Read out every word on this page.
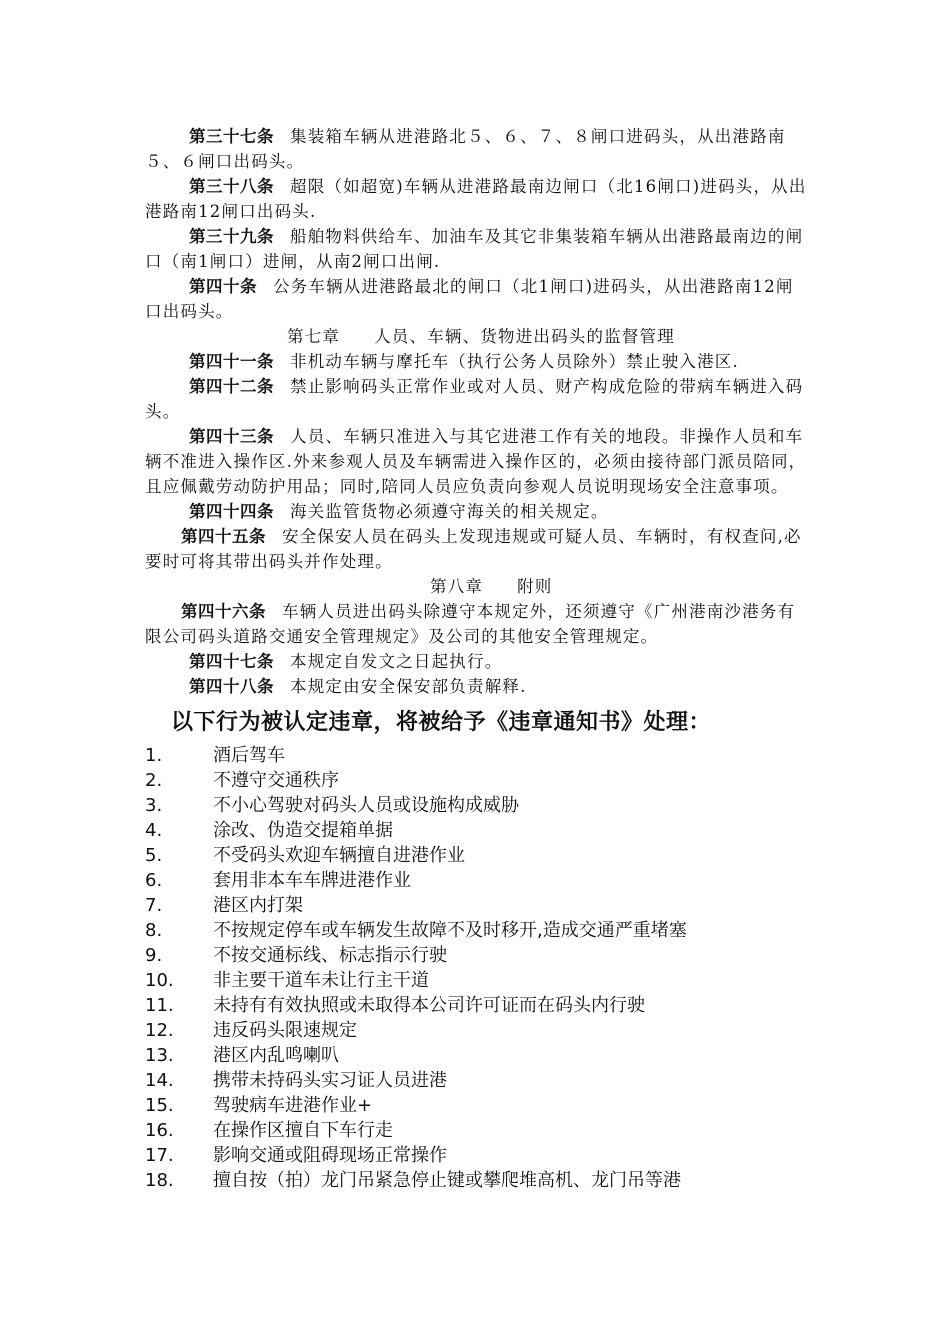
第三十七条 集装箱车辆从进港路北５、６、７、８闸口进码头，从出港路南５、６闸口出码头。

第三十八条 超限（如超宽)车辆从进港路最南边闸口（北16闸口)进码头，从出港路南12闸口出码头.

第三十九条 船舶物料供给车、加油车及其它非集装箱车辆从出港路最南边的闸口（南1闸口）进闸，从南2闸口出闸.

第四十条 公务车辆从进港路最北的闸口（北1闸口)进码头，从出港路南12闸口出码头。

第七章 人员、车辆、货物进出码头的监督管理

第四十一条 非机动车辆与摩托车（执行公务人员除外）禁止驶入港区.

第四十二条 禁止影响码头正常作业或对人员、财产构成危险的带病车辆进入码头。

第四十三条 人员、车辆只准进入与其它进港工作有关的地段。非操作人员和车辆不准进入操作区.外来参观人员及车辆需进入操作区的，必须由接待部门派员陪同，且应佩戴劳动防护用品；同时,陪同人员应负责向参观人员说明现场安全注意事项。

第四十四条 海关监管货物必须遵守海关的相关规定。

第四十五条 安全保安人员在码头上发现违规或可疑人员、车辆时，有权查问,必要时可将其带出码头并作处理。

第八章 附则

第四十六条 车辆人员进出码头除遵守本规定外，还须遵守《广州港南沙港务有限公司码头道路交通安全管理规定》及公司的其他安全管理规定。

第四十七条 本规定自发文之日起执行。

第四十八条 本规定由安全保安部负责解释.

以下行为被认定违章，将被给予《违章通知书》处理：
1.	酒后驾车
2.	不遵守交通秩序
3.	不小心驾驶对码头人员或设施构成威胁
4.	涂改、伪造交提箱单据
5.	不受码头欢迎车辆擅自进港作业
6.	套用非本车车牌进港作业
7.	港区内打架
8.	不按规定停车或车辆发生故障不及时移开,造成交通严重堵塞
9.	不按交通标线、标志指示行驶
10.	非主要干道车未让行主干道
11.	未持有有效执照或未取得本公司许可证而在码头内行驶
12.	违反码头限速规定
13.	港区内乱鸣喇叭
14.	携带未持码头实习证人员进港
15.	驾驶病车进港作业+
16.	在操作区擅自下车行走
17.	影响交通或阻碍现场正常操作
18.	擅自按（拍）龙门吊紧急停止键或攀爬堆高机、龙门吊等港
